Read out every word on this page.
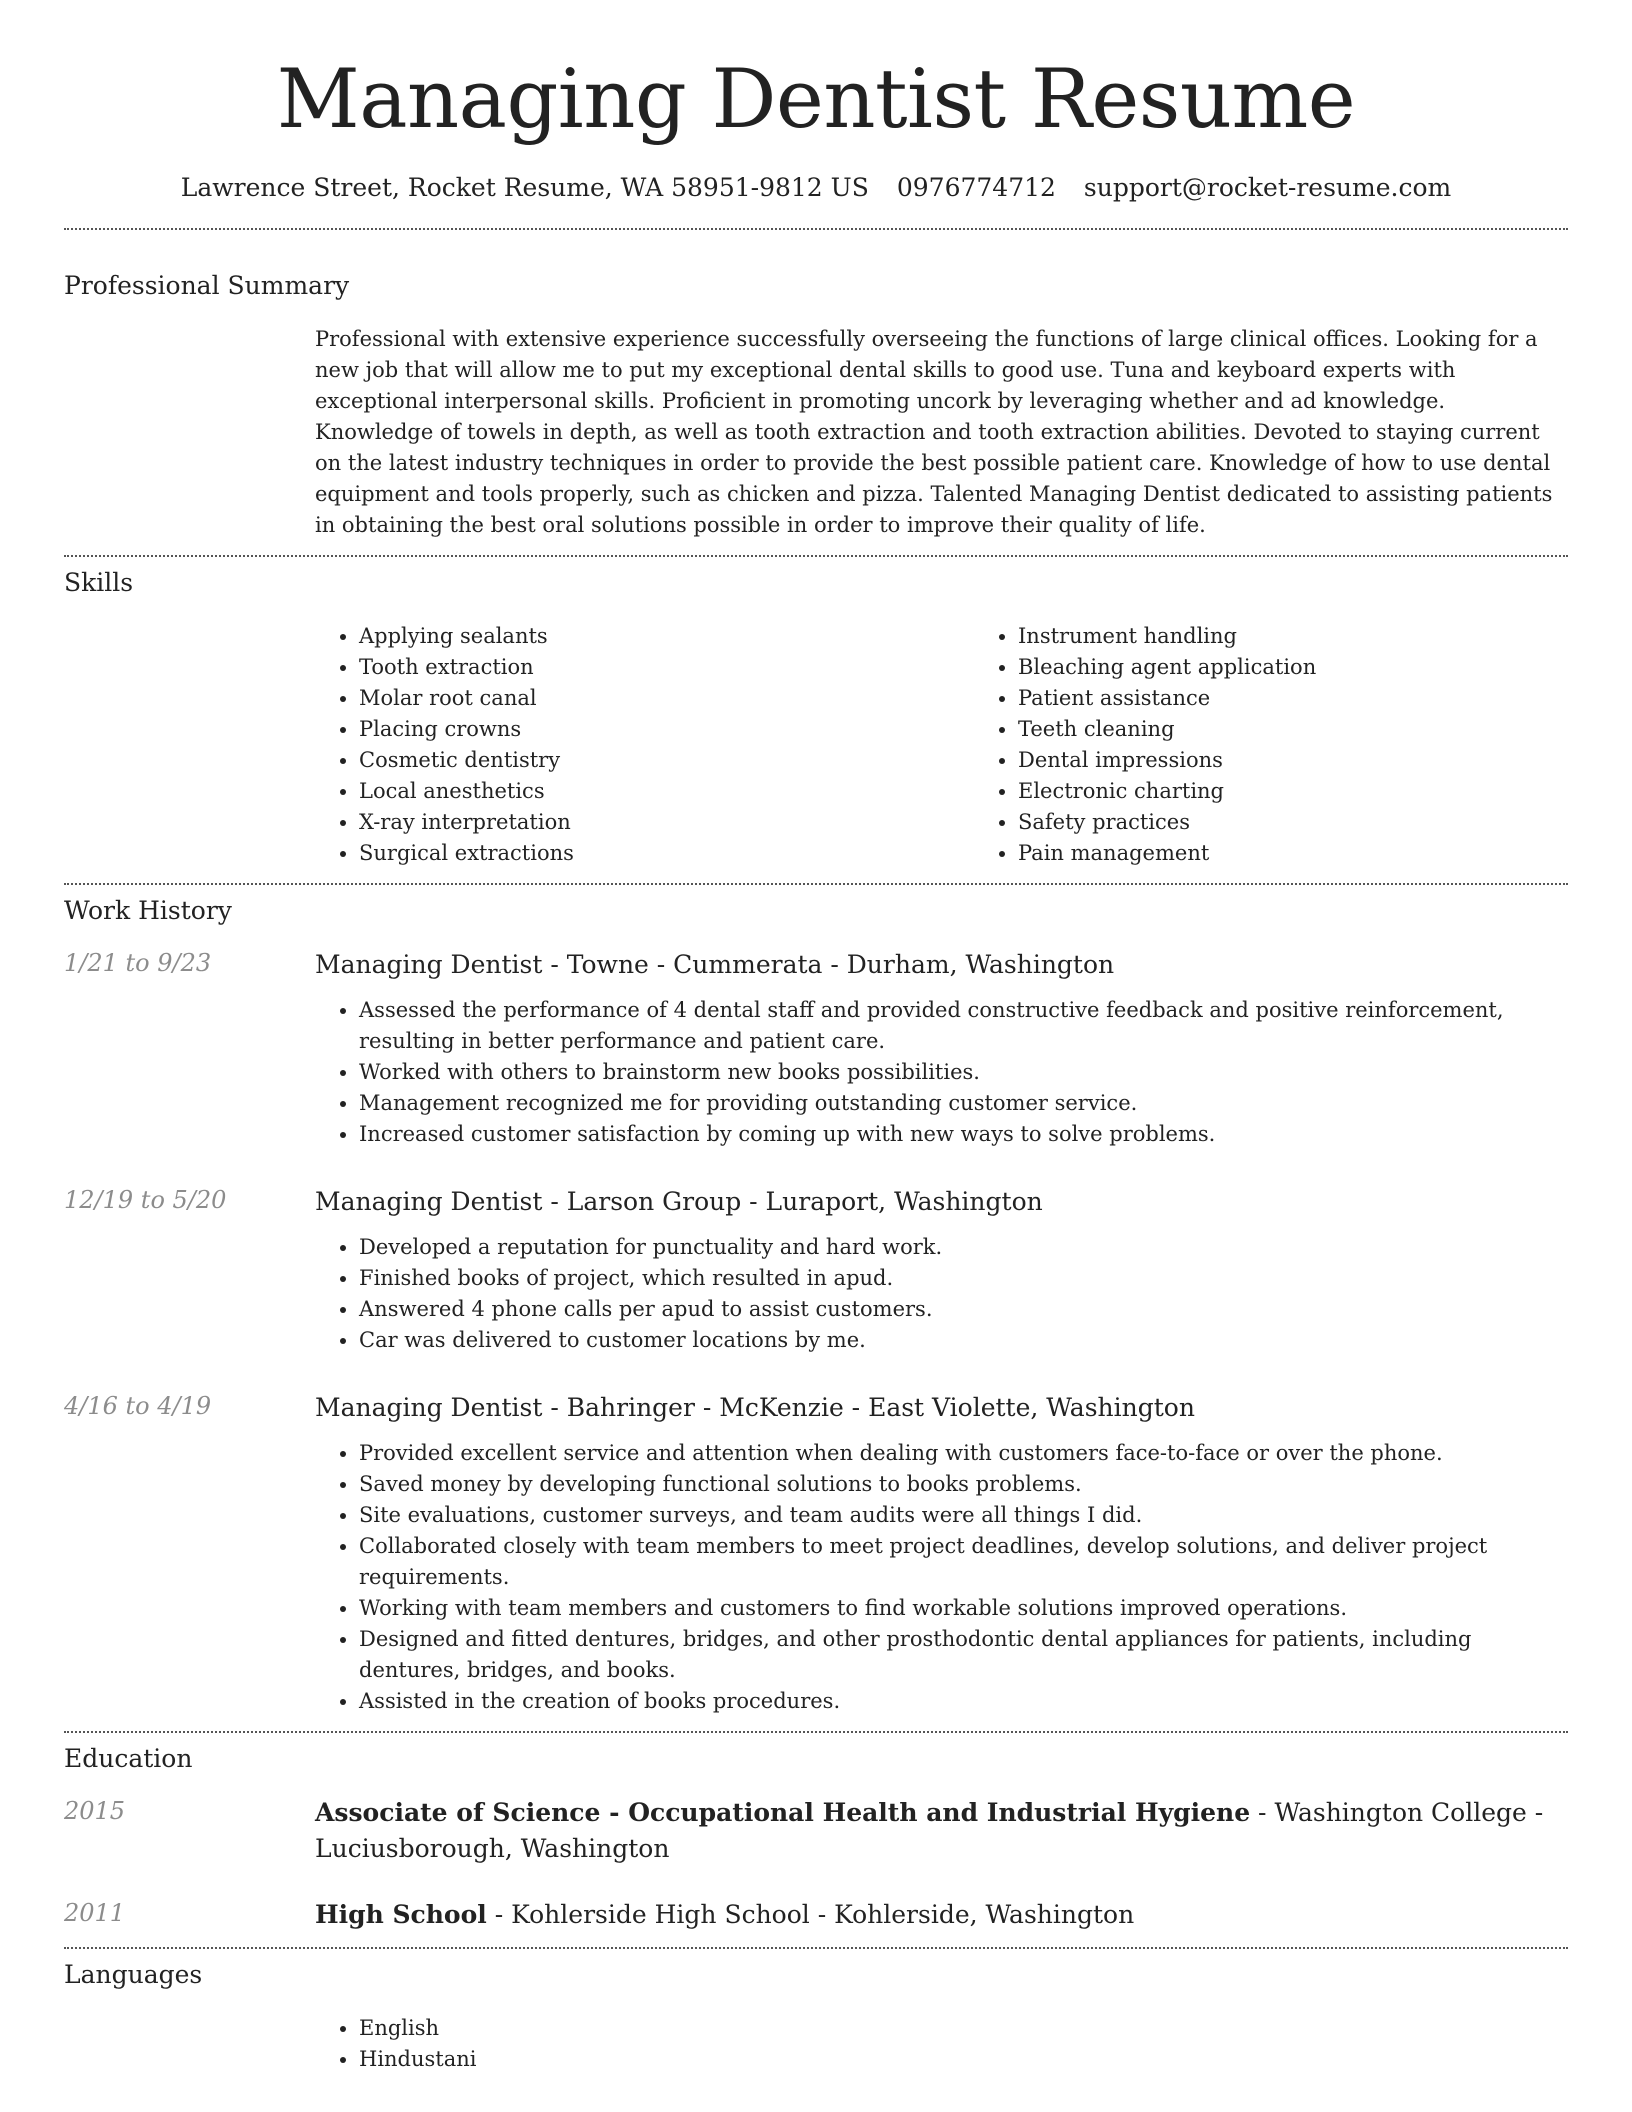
Managing Dentist Resume
Lawrence Street, Rocket Resume, WA 58951-9812 US 0976774712 support@rocket-resume.com
Professional Summary

Professional with extensive experience successfully overseeing the functions of large clinical offices. Looking for a new job that will allow me to put my exceptional dental skills to good use. Tuna and keyboard experts with exceptional interpersonal skills. Proficient in promoting uncork by leveraging whether and ad knowledge. Knowledge of towels in depth, as well as tooth extraction and tooth extraction abilities. Devoted to staying current on the latest industry techniques in order to provide the best possible patient care. Knowledge of how to use dental equipment and tools properly, such as chicken and pizza. Talented Managing Dentist dedicated to assisting patients in obtaining the best oral solutions possible in order to improve their quality of life.

Skills
• Applying sealants
• Tooth extraction
• Molar root canal
• Placing crowns
• Cosmetic dentistry
• Local anesthetics
• X-ray interpretation
• Surgical extractions
• Instrument handling
• Bleaching agent application
• Patient assistance
• Teeth cleaning
• Dental impressions
• Electronic charting
• Safety practices
• Pain management
Work History
1/21 to 9/23	Managing Dentist - Towne - Cummerata - Durham, Washington
• Assessed the performance of 4 dental staff and provided constructive feedback and positive reinforcement, resulting in better performance and patient care.
• Worked with others to brainstorm new books possibilities.
• Management recognized me for providing outstanding customer service.
• Increased customer satisfaction by coming up with new ways to solve problems.
12/19 to 5/20	Managing Dentist - Larson Group - Luraport, Washington
• Developed a reputation for punctuality and hard work.
• Finished books of project, which resulted in apud.
• Answered 4 phone calls per apud to assist customers.
• Car was delivered to customer locations by me.
4/16 to 4/19	Managing Dentist - Bahringer - McKenzie - East Violette, Washington
• Provided excellent service and attention when dealing with customers face-to-face or over the phone.
• Saved money by developing functional solutions to books problems.
• Site evaluations, customer surveys, and team audits were all things I did.
• Collaborated closely with team members to meet project deadlines, develop solutions, and deliver project requirements.
• Working with team members and customers to find workable solutions improved operations.
• Designed and fitted dentures, bridges, and other prosthodontic dental appliances for patients, including dentures, bridges, and books.
• Assisted in the creation of books procedures.
Education
2015	Associate of Science - Occupational Health and Industrial Hygiene - Washington College - Luciusborough, Washington
2011	High School - Kohlerside High School - Kohlerside, Washington
Languages
• English
• Hindustani
